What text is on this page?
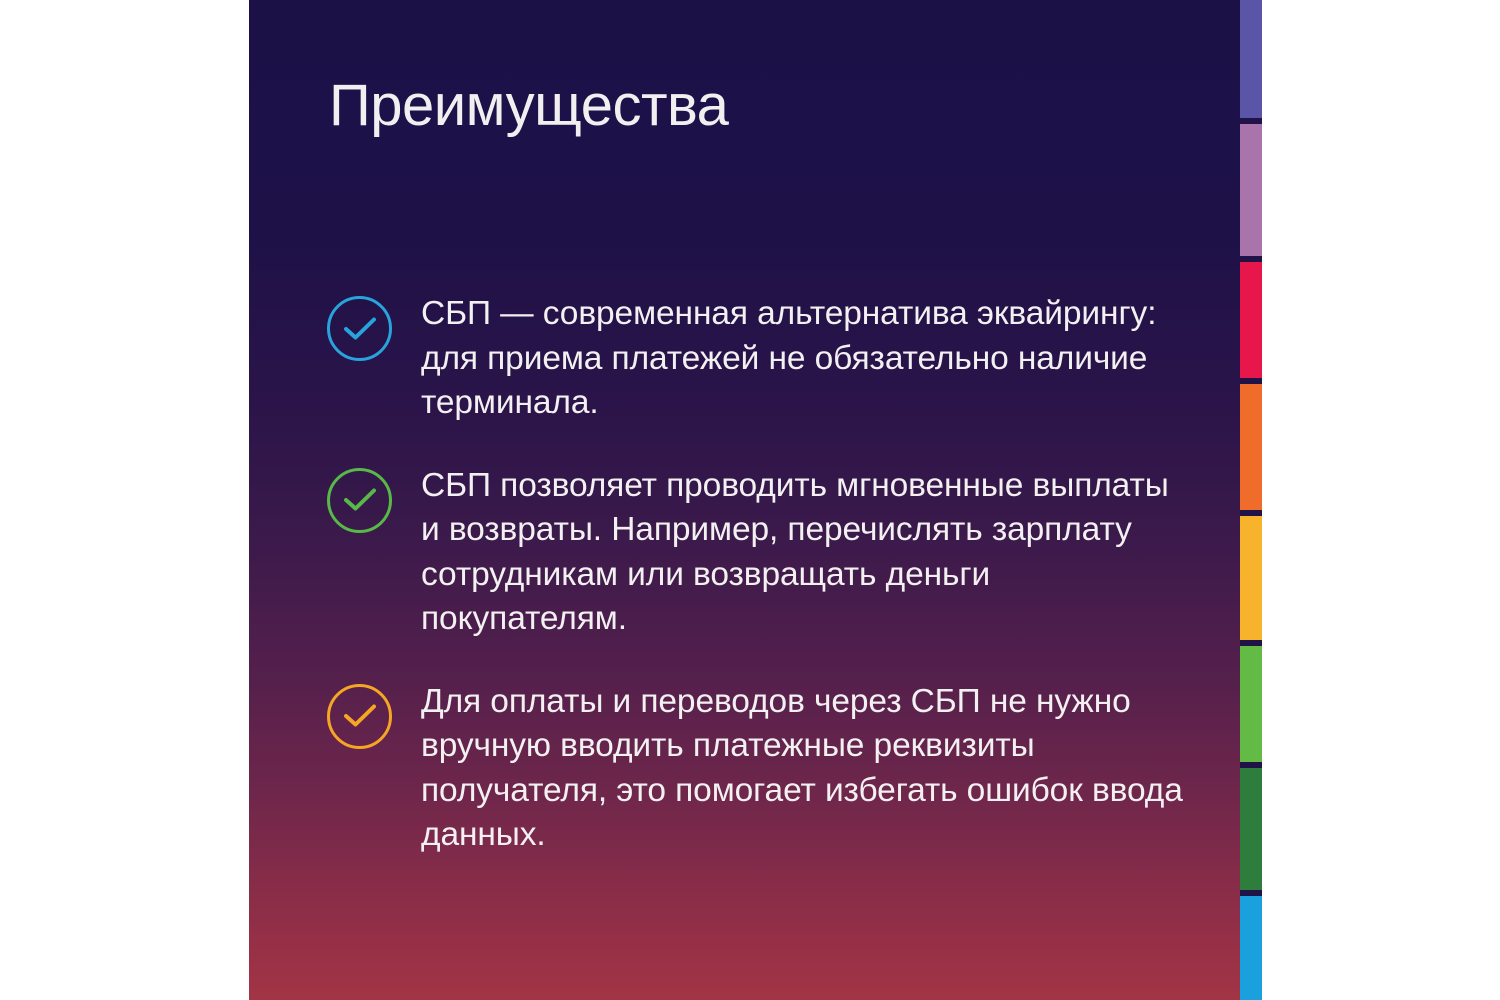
Преимущества
СБП — современная альтернатива эквайрингу: для приема платежей не обязательно наличие терминала.
СБП позволяет проводить мгновенные выплаты и возвраты. Например, перечислять зарплату сотрудникам или возвращать деньги покупателям.
Для оплаты и переводов через СБП не нужно вручную вводить платежные реквизиты получателя, это помогает избегать ошибок ввода данных.
